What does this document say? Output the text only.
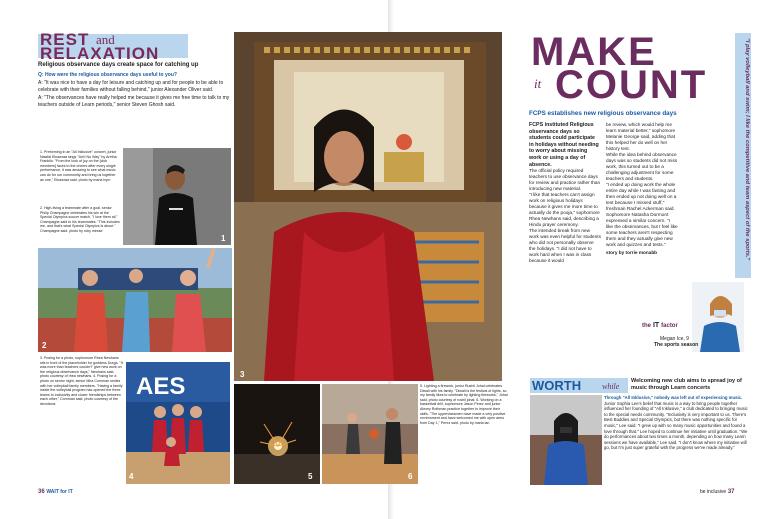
REST and
RELAXATION
Religious observance days create space for catching up
Q: How were the religious observance days useful to you?
A: "It was nice to have a day for leisure and catching up and for people to be able to celebrate with their families without falling behind," junior Alexander Oliver said.
A: "The observances have really helped me because it gives me free time to talk to my teachers outside of Learn periods," senior Steven Ghosh said.
1
1. Preforming in an "All Inklusive" concert, junior Nawfal Elnawraa sings "Ain't No Way" by Aretha Franklin. "From the look of joy on the [club members] faces to the cheers after every single performance, it was amazing to see what music can do for our community and bring us together as one," Elnawraa said. photo by maria byrn
2. High-fiving a teammate after a goal, senior Philip Champagne celebrates his win at the Special Olympics soccer match. "I love them all," Champagne said to his teammates. "This includes me, and that's what Special Olympics is about." Champagne said. photo by ruby messe
2
3
3. Posing for a photo, sophomore Rhea Newhans sits in front of the placeholder for goddess Durga. "It was more than teachers couldn't" give new work on the religious observance days," Newhans said. photo courtesy of rhea newhans. 4. Posing for a photo on senior night, senior Mira Cornman smiles with her volleyball family members. "Having a family inside the volleyball program has opened the three teams to inclusivity and closer friendships between each other," Cornman said. photo courtesy of the devotions
AES
4	5	6
5. Lighting a firework, junior Rushil Johal celebrates Diwali with his family. "Diwali is the festival of lights, so my family likes to celebrate by lighting fireworks," Johal said. photo courtesy of rushil johal. 6. Working on a basketball drill, sophomore Jason Perez and junior Alexey Rothman practice together to improve their skills. "The upperclassmen have made a very positive environment and have welcomed me with open arms from Day 1," Perez said. photo by maria lan
36 WAIT for IT
MAKE
it COUNT
FCPS establishes new religious observance days
FCPS instituted Religious observance days so students could participate in holidays without needing to worry about missing work or using a day of absence.
The official policy required teachers to use observance days for review and practice rather than introducing new material.
"I like that teachers can't assign work on religious holidays because it gives me more time to actually do the pooja," sophomore Rhea Newhans said, describing a Hindu prayer ceremony.
The intended break from new work was even helpful for students who did not personally observe the holidays. "I did not have to work hard when I was in class because it would
be review, which would help me learn material better," sophomore Melanie George said, adding that this helped her do well on her history test.
While the idea behind observance days was so students did not miss work, this turned out to be a challenging adjustment for some teachers and students.
"I ended up doing work the whole entire day while I was fasting and then ended up not doing well on a test because I missed stuff," freshman Rachel Ackerman said.
Sophomore Natasha Dormont expressed a similar concern. "I like the observances, but I feel like some teachers aren't respecting them and they actually give new work and quizzes and tests."
story by torrie monabb	"I play volleyball and swim; I like the competitive and team aspect of the sports."
the IT factor
Megan Ice, 9
The sports season
WORTH	while
Welcoming new club aims to spread joy of music through Learn concerts
Through "All Inklusive," nobody was left out of experiencing music. Junior Sophia Lee's belief that music is a way to bring people together influenced her founding of "All Inklusive," a club dedicated to bringing music to the special needs community. "Inclusivity is very important to us. There's Best Buddies and Special Olympics, but there was nothing specific for music," Lee said. "I grew up with so many music opportunities and found a love through that." Lee hoped to continue her initiative until graduation. "We do performances about two times a month, depending on how many Learn sessions we have available," Lee said. "I don't know where my initiative will go, but I'm just super grateful with the progress we've made already."
be inclusive 37
